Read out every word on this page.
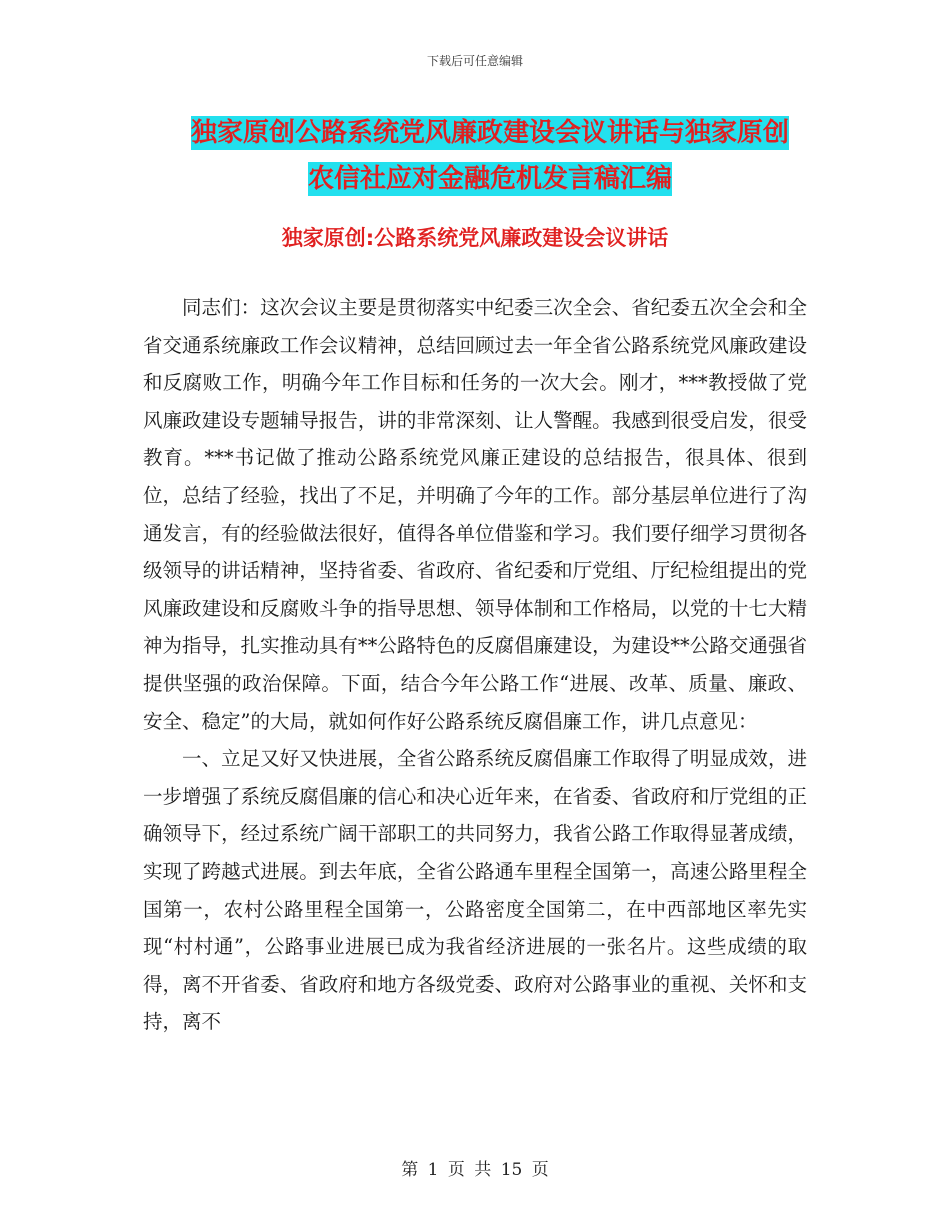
下载后可任意编辑
独家原创公路系统党风廉政建设会议讲话与独家原创
农信社应对金融危机发言稿汇编
独家原创:公路系统党风廉政建设会议讲话

同志们：这次会议主要是贯彻落实中纪委三次全会、省纪委五次全会和全省交通系统廉政工作会议精神，总结回顾过去一年全省公路系统党风廉政建设和反腐败工作，明确今年工作目标和任务的一次大会。刚才，***教授做了党风廉政建设专题辅导报告，讲的非常深刻、让人警醒。我感到很受启发，很受教育。***书记做了推动公路系统党风廉正建设的总结报告，很具体、很到位，总结了经验，找出了不足，并明确了今年的工作。部分基层单位进行了沟通发言，有的经验做法很好，值得各单位借鉴和学习。我们要仔细学习贯彻各级领导的讲话精神，坚持省委、省政府、省纪委和厅党组、厅纪检组提出的党风廉政建设和反腐败斗争的指导思想、领导体制和工作格局，以党的十七大精神为指导，扎实推动具有**公路特色的反腐倡廉建设，为建设**公路交通强省提供坚强的政治保障。下面，结合今年公路工作“进展、改革、质量、廉政、安全、稳定”的大局，就如何作好公路系统反腐倡廉工作，讲几点意见：

一、立足又好又快进展，全省公路系统反腐倡廉工作取得了明显成效，进一步增强了系统反腐倡廉的信心和决心近年来，在省委、省政府和厅党组的正确领导下，经过系统广阔干部职工的共同努力，我省公路工作取得显著成绩，实现了跨越式进展。到去年底，全省公路通车里程全国第一，高速公路里程全国第一，农村公路里程全国第一，公路密度全国第二，在中西部地区率先实现“村村通”，公路事业进展已成为我省经济进展的一张名片。这些成绩的取得，离不开省委、省政府和地方各级党委、政府对公路事业的重视、关怀和支持，离不

第 1 页 共 15 页
